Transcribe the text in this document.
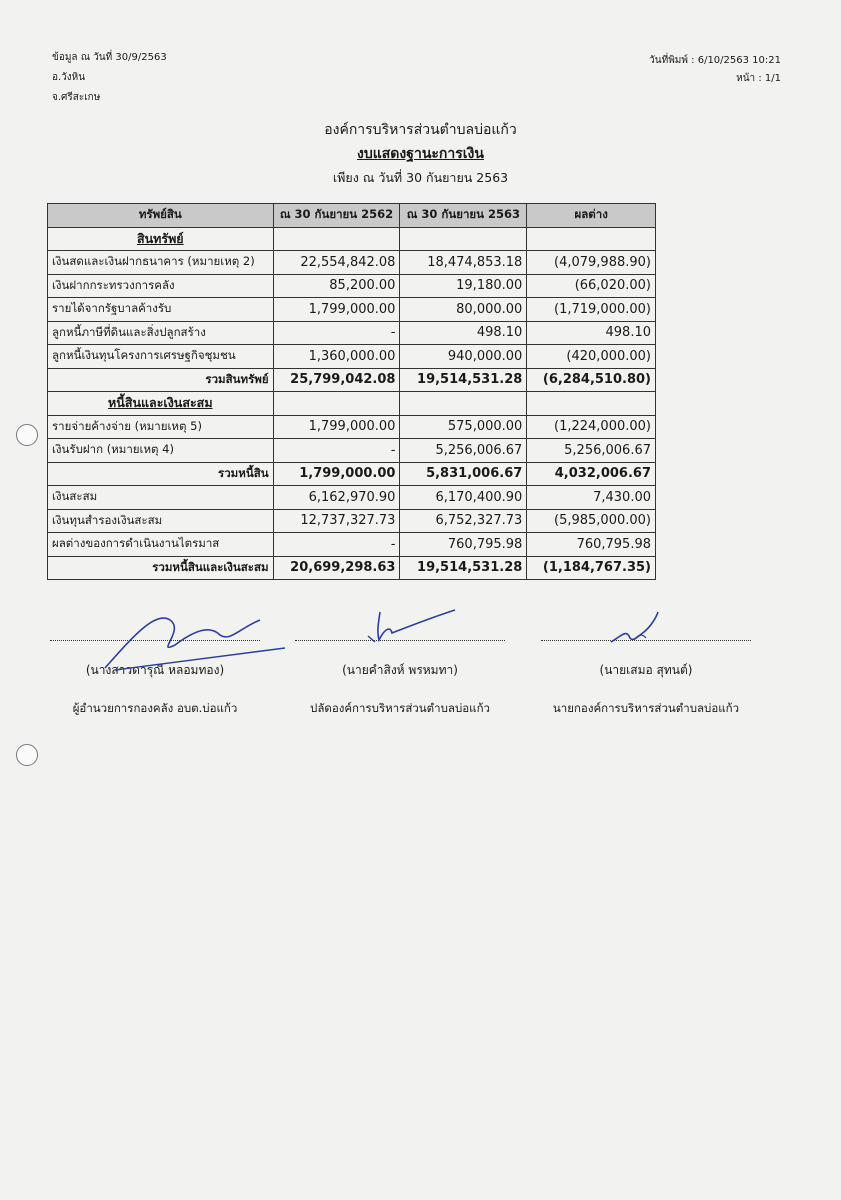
ข้อมูล ณ วันที่ 30/9/2563
อ.วังหิน
จ.ศรีสะเกษ
วันที่พิมพ์ : 6/10/2563 10:21
หน้า : 1/1
องค์การบริหารส่วนตำบลบ่อแก้ว
งบแสดงฐานะการเงิน
เพียง ณ วันที่ 30 กันยายน 2563
ทรัพย์สิน	ณ 30 กันยายน 2562	ณ 30 กันยายน 2563	ผลต่าง
สินทรัพย์			
เงินสดและเงินฝากธนาคาร (หมายเหตุ 2)	22,554,842.08	18,474,853.18	(4,079,988.90)
เงินฝากกระทรวงการคลัง	85,200.00	19,180.00	(66,020.00)
รายได้จากรัฐบาลค้างรับ	1,799,000.00	80,000.00	(1,719,000.00)
ลูกหนี้ภาษีที่ดินและสิ่งปลูกสร้าง	-	498.10	498.10
ลูกหนี้เงินทุนโครงการเศรษฐกิจชุมชน	1,360,000.00	940,000.00	(420,000.00)
รวมสินทรัพย์	25,799,042.08	19,514,531.28	(6,284,510.80)
หนี้สินและเงินสะสม			
รายจ่ายค้างจ่าย (หมายเหตุ 5)	1,799,000.00	575,000.00	(1,224,000.00)
เงินรับฝาก (หมายเหตุ 4)	-	5,256,006.67	5,256,006.67
รวมหนี้สิน	1,799,000.00	5,831,006.67	4,032,006.67
เงินสะสม	6,162,970.90	6,170,400.90	7,430.00
เงินทุนสำรองเงินสะสม	12,737,327.73	6,752,327.73	(5,985,000.00)
ผลต่างของการดำเนินงานไตรมาส	-	760,795.98	760,795.98
รวมหนี้สินและเงินสะสม	20,699,298.63	19,514,531.28	(1,184,767.35)
(นางสาวดารุณี หลอมทอง)
ผู้อำนวยการกองคลัง อบต.บ่อแก้ว
(นายคำสิงห์ พรหมทา)
ปลัดองค์การบริหารส่วนตำบลบ่อแก้ว
(นายเสมอ สุทนต์)
นายกองค์การบริหารส่วนตำบลบ่อแก้ว
